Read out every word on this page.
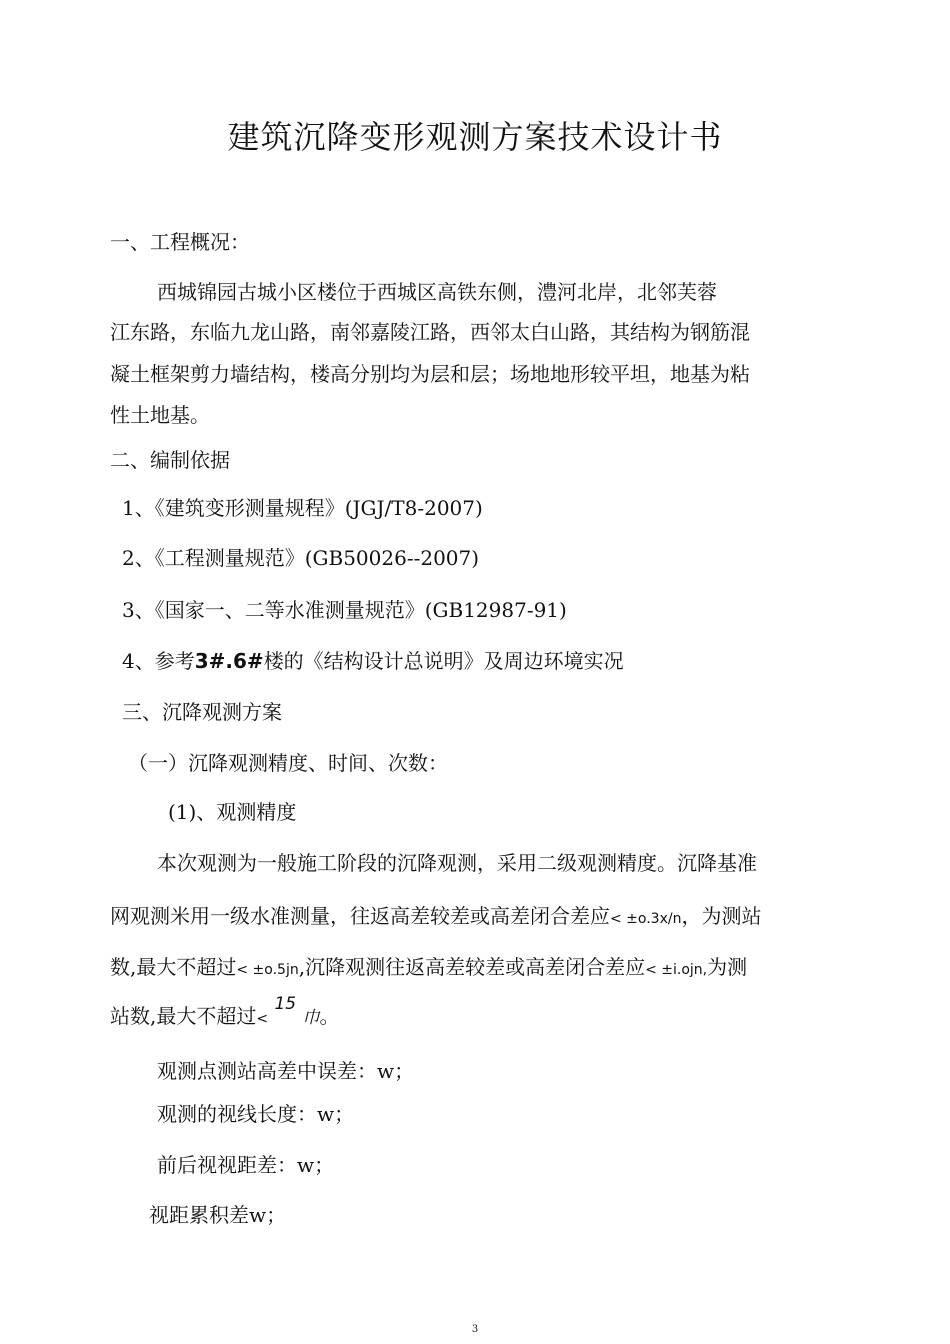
建筑沉降变形观测方案技术设计书
一、工程概况：
西城锦园古城小区楼位于西城区高铁东侧，澧河北岸，北邻芙蓉
江东路，东临九龙山路，南邻嘉陵江路，西邻太白山路，其结构为钢筋混
凝土框架剪力墙结构，楼高分别均为层和层；场地地形较平坦，地基为粘
性土地基。
二、编制依据
1、《建筑变形测量规程》(JGJ/T8-2007)
2、《工程测量规范》(GB50026--2007)
3、《国家一、二等水准测量规范》(GB12987-91)
4、参考3#.6#楼的《结构设计总说明》及周边环境实况
三、沉降观测方案
（一）沉降观测精度、时间、次数：
(1)、观测精度
本次观测为一般施工阶段的沉降观测，采用二级观测精度。沉降基准
网观测米用一级水准测量，往返高差较差或高差闭合差应< ±o.3x/n，为测站
数,最大不超过< ±o.5jn,沉降观测往返高差较差或高差闭合差应< ±i.ojn,为测
站数,最大不超过< $^{15}$ 巾。
观测点测站高差中误差：w；
观测的视线长度：w；
前后视视距差：w；
视距累积差w；
3
